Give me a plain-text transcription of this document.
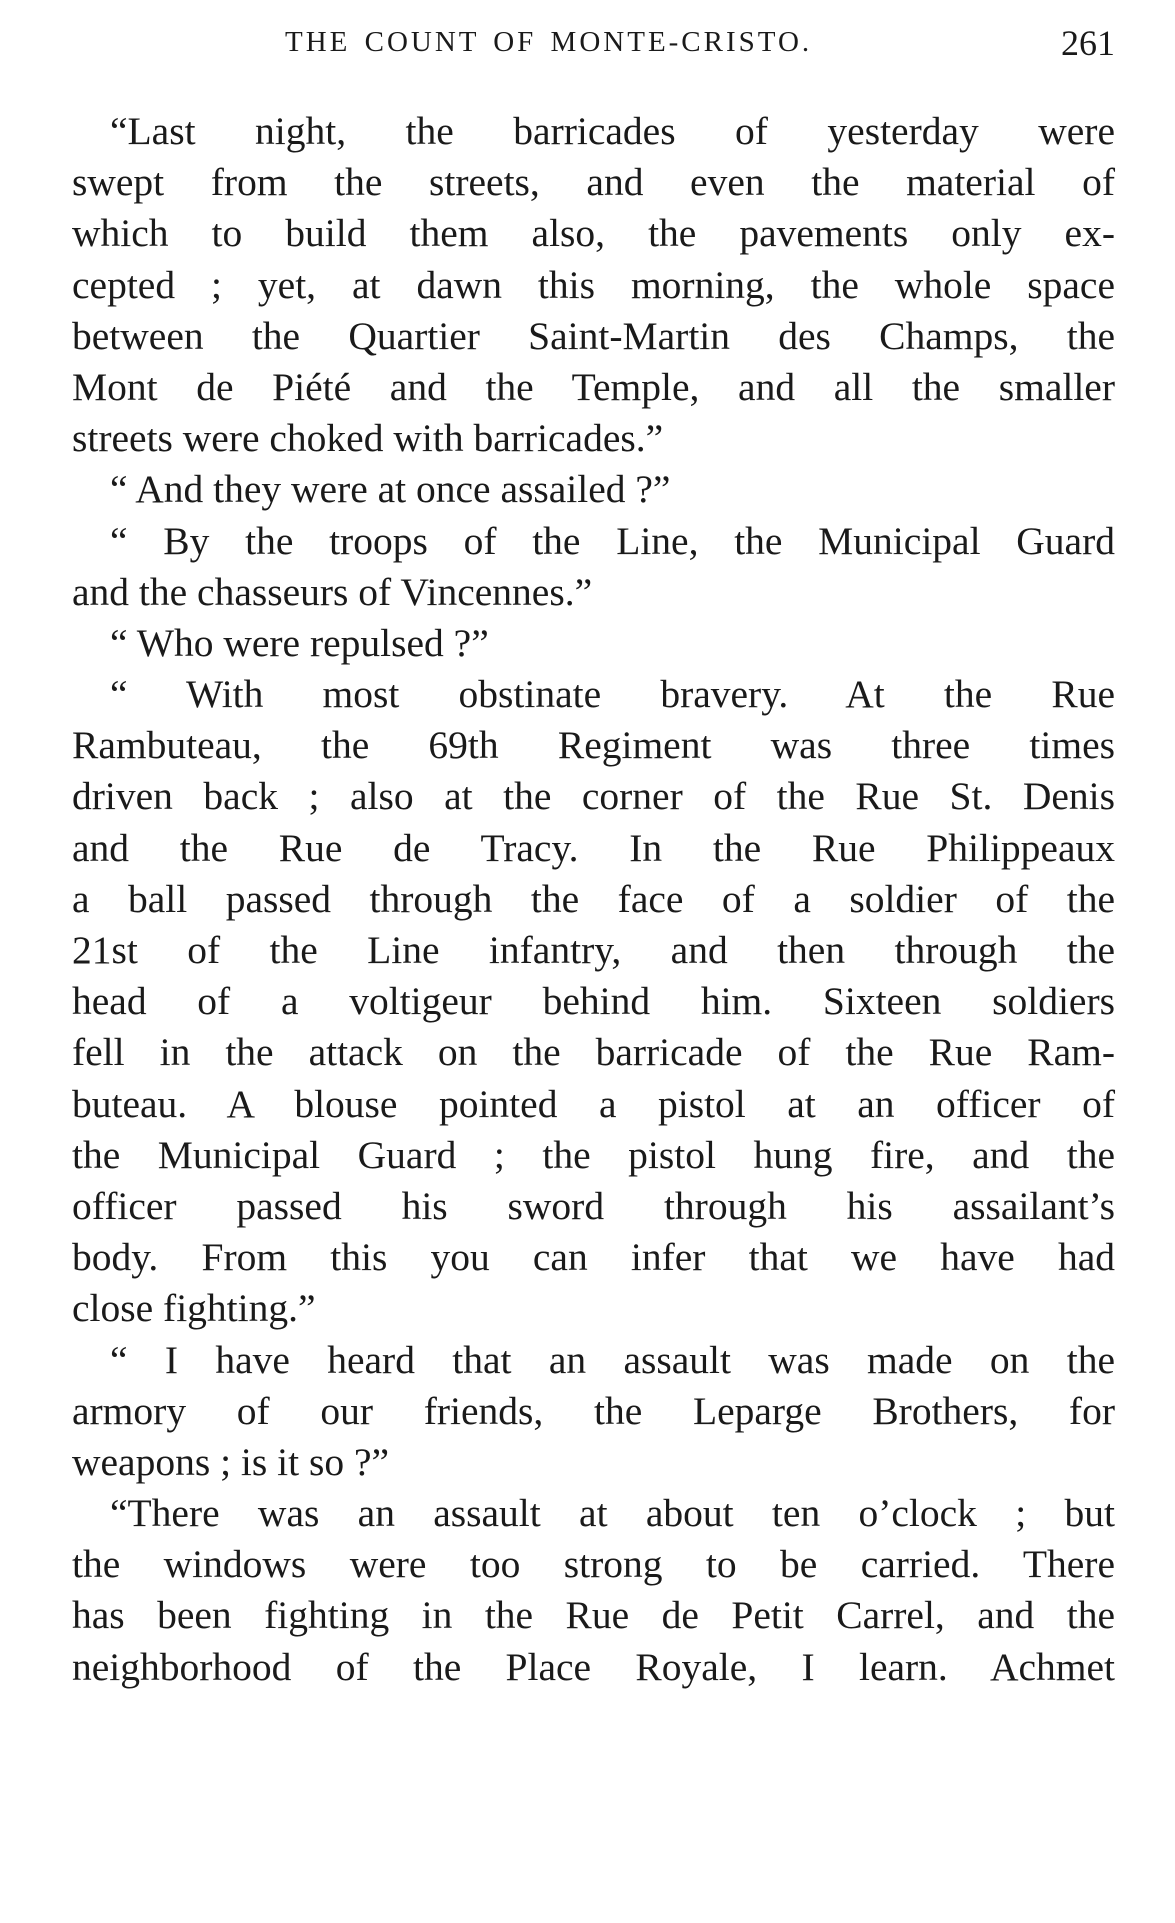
THE COUNT OF MONTE-CRISTO.	261
“Last night, the barricades of yesterday were
swept from the streets, and even the material of
which to build them also, the pavements only ex-
cepted ; yet, at dawn this morning, the whole space
between the Quartier Saint-Martin des Champs, the
Mont de Piété and the Temple, and all the smaller
streets were choked with barricades.”
“ And they were at once assailed ?”
“ By the troops of the Line, the Municipal Guard
and the chasseurs of Vincennes.”
“ Who were repulsed ?”
“ With most obstinate bravery. At the Rue
Rambuteau, the 69th Regiment was three times
driven back ; also at the corner of the Rue St. Denis
and the Rue de Tracy. In the Rue Philippeaux
a ball passed through the face of a soldier of the
21st of the Line infantry, and then through the
head of a voltigeur behind him. Sixteen soldiers
fell in the attack on the barricade of the Rue Ram-
buteau. A blouse pointed a pistol at an officer of
the Municipal Guard ; the pistol hung fire, and the
officer passed his sword through his assailant’s
body. From this you can infer that we have had
close fighting.”
“ I have heard that an assault was made on the
armory of our friends, the Leparge Brothers, for
weapons ; is it so ?”
“There was an assault at about ten o’clock ; but
the windows were too strong to be carried. There
has been fighting in the Rue de Petit Carrel, and the
neighborhood of the Place Royale, I learn. Achmet
